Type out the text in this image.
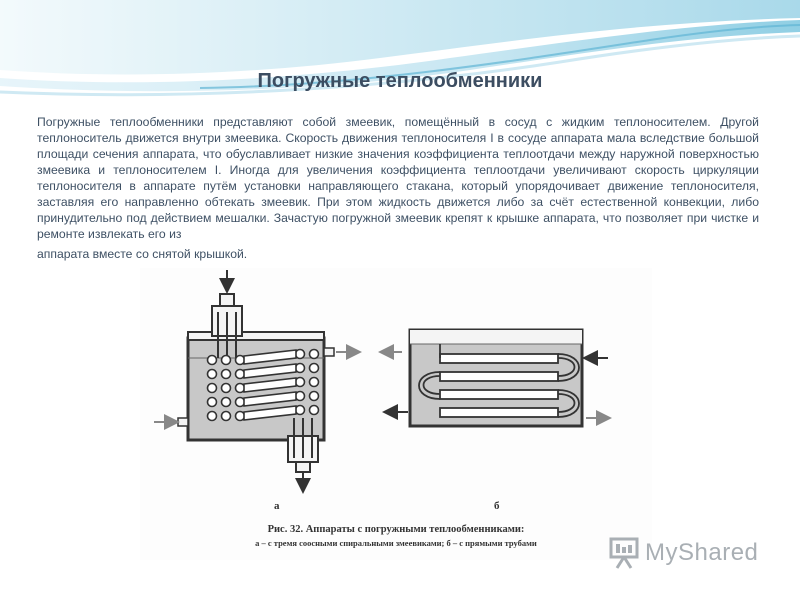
Погружные теплообменники
Погружные теплообменники представляют собой змеевик, помещённый в сосуд с жидким теплоносителем. Другой теплоноситель движется внутри змеевика. Скорость движения теплоносителя I в сосуде аппарата мала вследствие большой площади сечения аппарата, что обуславливает низкие значения коэффициента теплоотдачи между наружной поверхностью змеевика и теплоносителем I. Иногда для увеличения коэффициента теплоотдачи увеличивают скорость циркуляции теплоносителя в аппарате путём установки направляющего стакана, который упорядочивает движение теплоносителя, заставляя его направленно обтекать змеевик. При этом жидкость движется либо за счёт естественной конвекции, либо принудительно под действием мешалки. Зачастую погружной змеевик крепят к крышке аппарата, что позволяет при чистке и ремонте извлекать его из
аппарата вместе со снятой крышкой.
а	б
Рис. 32. Аппараты с погружными теплообменниками:
а – с тремя соосными спиральными змеевиками; б – с прямыми трубами	MyShared
